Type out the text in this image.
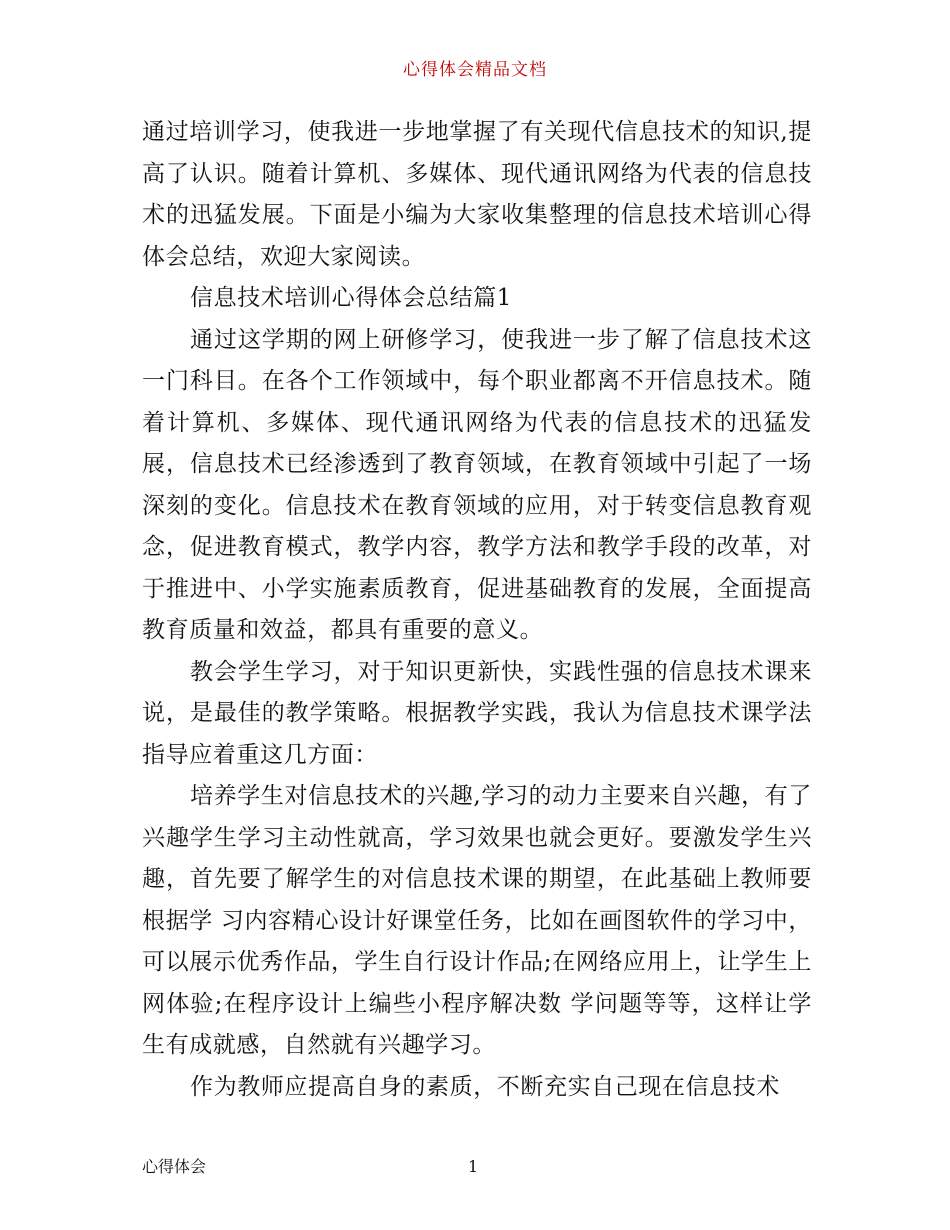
心得体会精品文档

通过培训学习，使我进一步地掌握了有关现代信息技术的知识,提高了认识。随着计算机、多媒体、现代通讯网络为代表的信息技术的迅猛发展。下面是小编为大家收集整理的信息技术培训心得体会总结，欢迎大家阅读。

信息技术培训心得体会总结篇1

通过这学期的网上研修学习，使我进一步了解了信息技术这一门科目。在各个工作领域中，每个职业都离不开信息技术。随着计算机、多媒体、现代通讯网络为代表的信息技术的迅猛发展，信息技术已经渗透到了教育领域，在教育领域中引起了一场深刻的变化。信息技术在教育领域的应用，对于转变信息教育观念，促进教育模式，教学内容，教学方法和教学手段的改革，对于推进中、小学实施素质教育，促进基础教育的发展，全面提高教育质量和效益，都具有重要的意义。

教会学生学习，对于知识更新快，实践性强的信息技术课来说，是最佳的教学策略。根据教学实践，我认为信息技术课学法指导应着重这几方面：

培养学生对信息技术的兴趣,学习的动力主要来自兴趣，有了兴趣学生学习主动性就高，学习效果也就会更好。要激发学生兴趣，首先要了解学生的对信息技术课的期望，在此基础上教师要根据学 习内容精心设计好课堂任务，比如在画图软件的学习中，可以展示优秀作品，学生自行设计作品;在网络应用上，让学生上网体验;在程序设计上编些小程序解决数 学问题等等，这样让学生有成就感，自然就有兴趣学习。

作为教师应提高自身的素质，不断充实自己现在信息技术

心得体会	1
